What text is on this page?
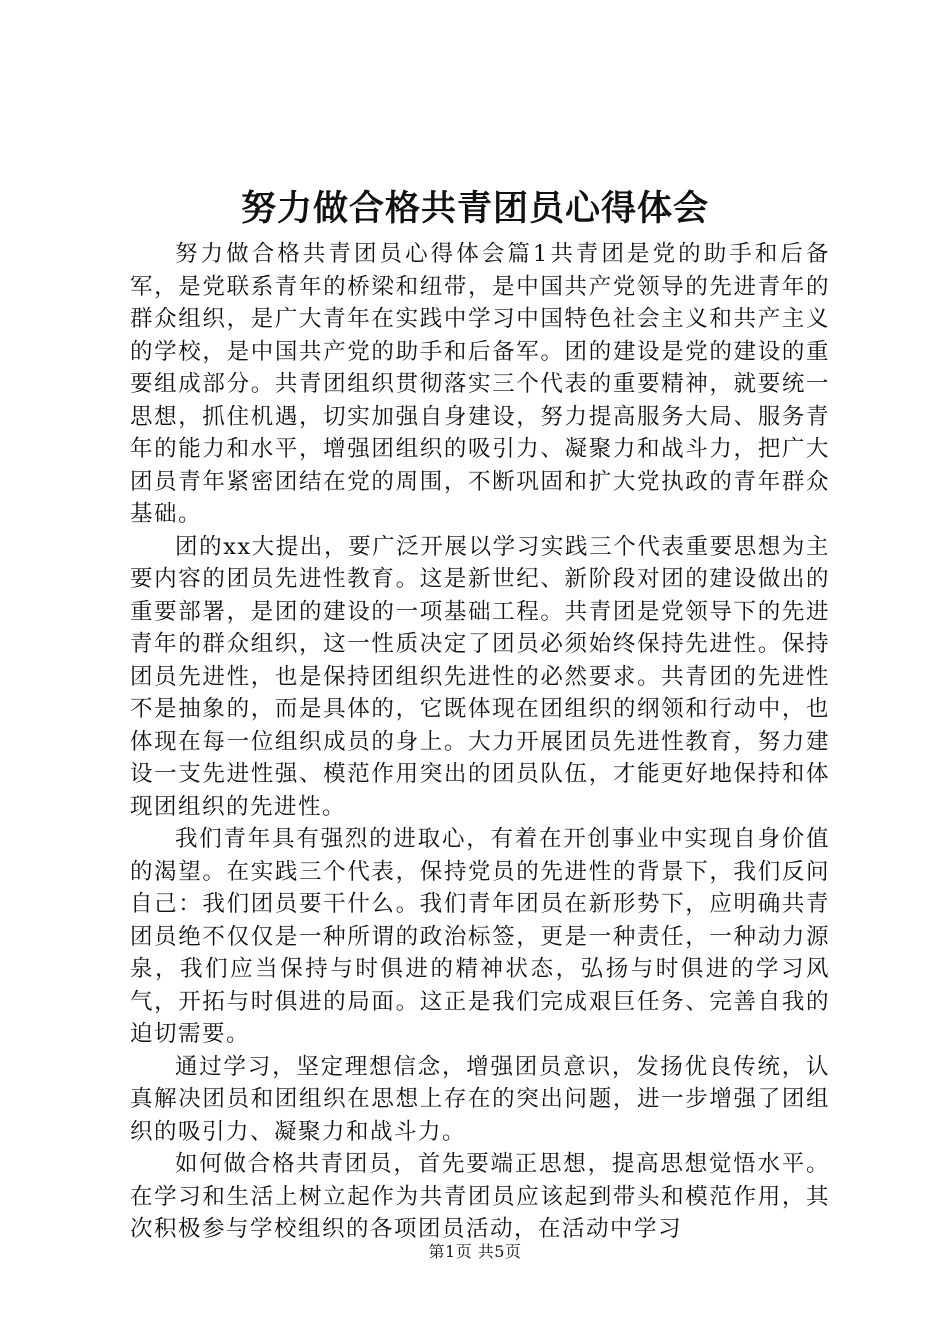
努力做合格共青团员心得体会

努力做合格共青团员心得体会篇1共青团是党的助手和后备军，是党联系青年的桥梁和纽带，是中国共产党领导的先进青年的群众组织，是广大青年在实践中学习中国特色社会主义和共产主义的学校，是中国共产党的助手和后备军。团的建设是党的建设的重要组成部分。共青团组织贯彻落实三个代表的重要精神，就要统一思想，抓住机遇，切实加强自身建设，努力提高服务大局、服务青年的能力和水平，增强团组织的吸引力、凝聚力和战斗力，把广大团员青年紧密团结在党的周围，不断巩固和扩大党执政的青年群众基础。

团的xx大提出，要广泛开展以学习实践三个代表重要思想为主要内容的团员先进性教育。这是新世纪、新阶段对团的建设做出的重要部署，是团的建设的一项基础工程。共青团是党领导下的先进青年的群众组织，这一性质决定了团员必须始终保持先进性。保持团员先进性，也是保持团组织先进性的必然要求。共青团的先进性不是抽象的，而是具体的，它既体现在团组织的纲领和行动中，也体现在每一位组织成员的身上。大力开展团员先进性教育，努力建设一支先进性强、模范作用突出的团员队伍，才能更好地保持和体现团组织的先进性。

我们青年具有强烈的进取心，有着在开创事业中实现自身价值的渴望。在实践三个代表，保持党员的先进性的背景下，我们反问自己：我们团员要干什么。我们青年团员在新形势下，应明确共青团员绝不仅仅是一种所谓的政治标签，更是一种责任，一种动力源泉，我们应当保持与时俱进的精神状态，弘扬与时俱进的学习风气，开拓与时俱进的局面。这正是我们完成艰巨任务、完善自我的迫切需要。

通过学习，坚定理想信念，增强团员意识，发扬优良传统，认真解决团员和团组织在思想上存在的突出问题，进一步增强了团组织的吸引力、凝聚力和战斗力。

如何做合格共青团员，首先要端正思想，提高思想觉悟水平。在学习和生活上树立起作为共青团员应该起到带头和模范作用，其次积极参与学校组织的各项团员活动，在活动中学习

第1页 共5页
